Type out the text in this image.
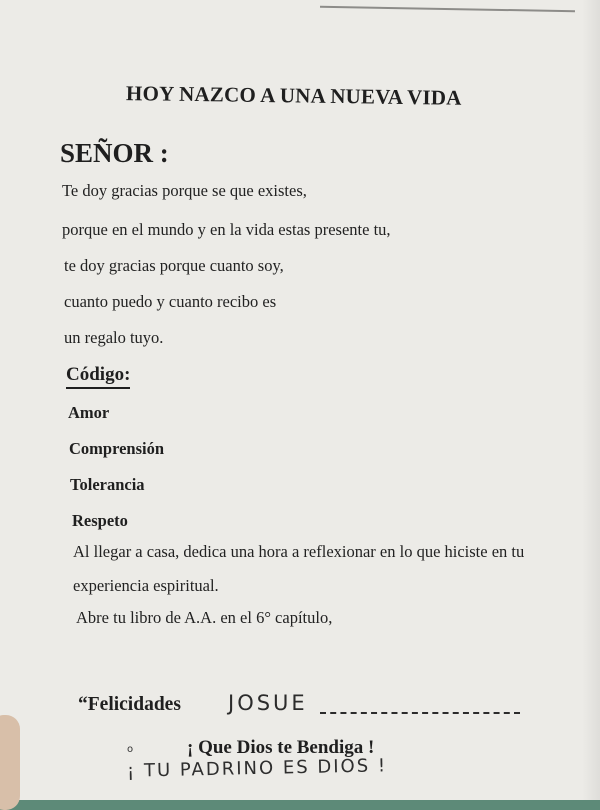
HOY NAZCO A UNA NUEVA VIDA
SEÑOR :
Te doy gracias porque se que existes,
porque en el mundo y en la vida estas presente tu,
te doy gracias porque cuanto soy,
cuanto puedo y cuanto recibo es
un regalo tuyo.
Código:
Amor
Comprensión
Tolerancia
Respeto
Al llegar a casa, dedica una hora a reflexionar en lo que hiciste en tu
experiencia espiritual.
Abre tu libro de A.A. en el 6° capítulo,
“Felicidades JOSUE
¡ Que Dios te Bendiga !
o
¡ TU PADRINO ES DIOS !
